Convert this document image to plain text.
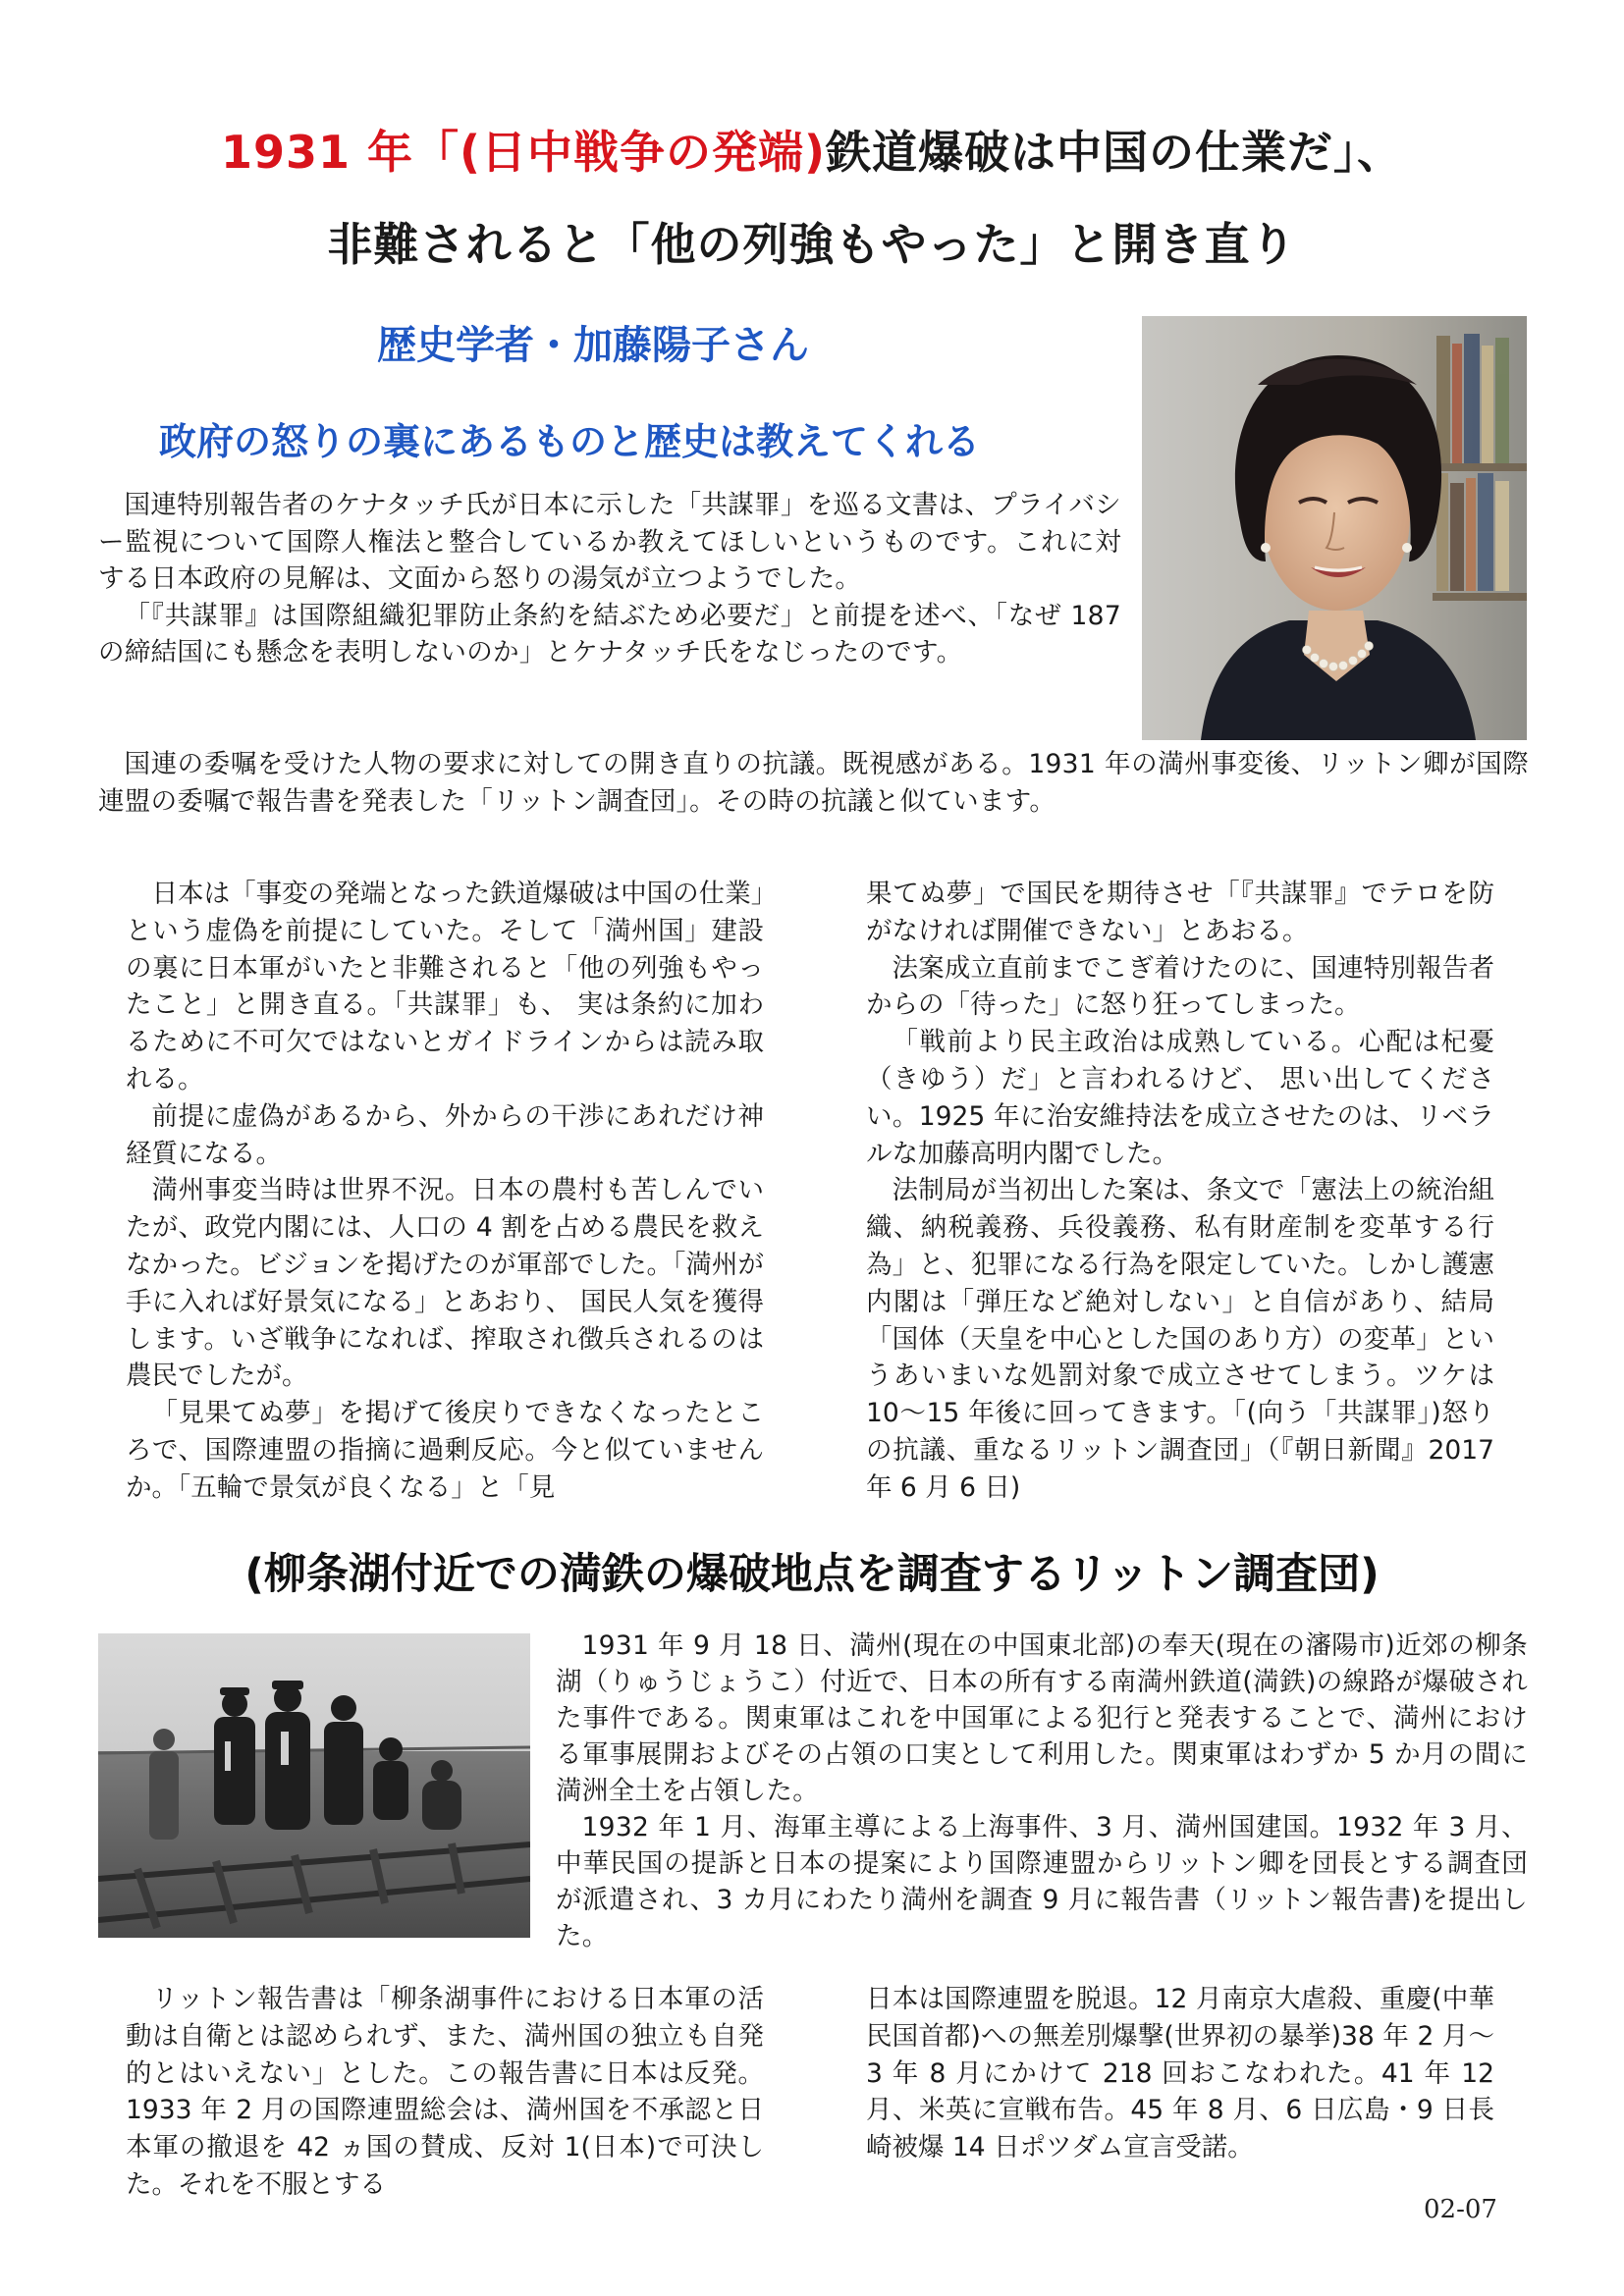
1931 年「(日中戦争の発端)鉄道爆破は中国の仕業だ」、
非難されると「他の列強もやった」と開き直り
歴史学者・加藤陽子さん
政府の怒りの裏にあるものと歴史は教えてくれる

国連特別報告者のケナタッチ氏が日本に示した「共謀罪」を巡る文書は、プライバシー監視について国際人権法と整合しているか教えてほしいというものです。これに対する日本政府の見解は、文面から怒りの湯気が立つようでした。

「『共謀罪』は国際組織犯罪防止条約を結ぶため必要だ」と前提を述べ、「なぜ 187 の締結国にも懸念を表明しないのか」とケナタッチ氏をなじったのです。

国連の委嘱を受けた人物の要求に対しての開き直りの抗議。既視感がある。1931 年の満州事変後、リットン卿が国際連盟の委嘱で報告書を発表した「リットン調査団」。その時の抗議と似ています。

日本は「事変の発端となった鉄道爆破は中国の仕業」という虚偽を前提にしていた。そして「満州国」建設の裏に日本軍がいたと非難されると「他の列強もやったこと」と開き直る。「共謀罪」も、 実は条約に加わるために不可欠ではないとガイドラインからは読み取れる。

前提に虚偽があるから、外からの干渉にあれだけ神経質になる。

満州事変当時は世界不況。日本の農村も苦しんでいたが、政党内閣には、人口の 4 割を占める農民を救えなかった。ビジョンを掲げたのが軍部でした。「満州が手に入れば好景気になる」とあおり、 国民人気を獲得します。いざ戦争になれば、搾取され徴兵されるのは農民でしたが。

「見果てぬ夢」を掲げて後戻りできなくなったところで、国際連盟の指摘に過剰反応。今と似ていませんか。「五輪で景気が良くなる」と「見

果てぬ夢」で国民を期待させ「『共謀罪』でテロを防がなければ開催できない」とあおる。

法案成立直前までこぎ着けたのに、国連特別報告者からの「待った」に怒り狂ってしまった。

「戦前より民主政治は成熟している。心配は杞憂（きゆう）だ」と言われるけど、 思い出してください。1925 年に治安維持法を成立させたのは、リベラルな加藤高明内閣でした。

法制局が当初出した案は、条文で「憲法上の統治組織、納税義務、兵役義務、私有財産制を変革する行為」と、犯罪になる行為を限定していた。しかし護憲内閣は「弾圧など絶対しない」と自信があり、結局「国体（天皇を中心とした国のあり方）の変革」というあいまいな処罰対象で成立させてしまう。ツケは 10〜15 年後に回ってきます。「(向う「共謀罪」)怒りの抗議、重なるリットン調査団」（『朝日新聞』2017 年 6 月 6 日)

(柳条湖付近での満鉄の爆破地点を調査するリットン調査団)

1931 年 9 月 18 日、満州(現在の中国東北部)の奉天(現在の瀋陽市)近郊の柳条湖（りゅうじょうこ）付近で、日本の所有する南満州鉄道(満鉄)の線路が爆破された事件である。関東軍はこれを中国軍による犯行と発表することで、満州における軍事展開およびその占領の口実として利用した。関東軍はわずか 5 か月の間に満洲全土を占領した。

1932 年 1 月、海軍主導による上海事件、3 月、満州国建国。1932 年 3 月、 中華民国の提訴と日本の提案により国際連盟からリットン卿を団長とする調査団が派遣され、3 カ月にわたり満州を調査 9 月に報告書（リットン報告書)を提出した。

リットン報告書は「柳条湖事件における日本軍の活動は自衛とは認められず、また、満州国の独立も自発的とはいえない」とした。この報告書に日本は反発。1933 年 2 月の国際連盟総会は、満州国を不承認と日本軍の撤退を 42 ヵ国の賛成、反対 1(日本)で可決した。それを不服とする

日本は国際連盟を脱退。12 月南京大虐殺、重慶(中華民国首都)への無差別爆撃(世界初の暴挙)38 年 2 月〜3 年 8 月にかけて 218 回おこなわれた。41 年 12 月、米英に宣戦布告。45 年 8 月、6 日広島・9 日長崎被爆 14 日ポツダム宣言受諾。

02-07
